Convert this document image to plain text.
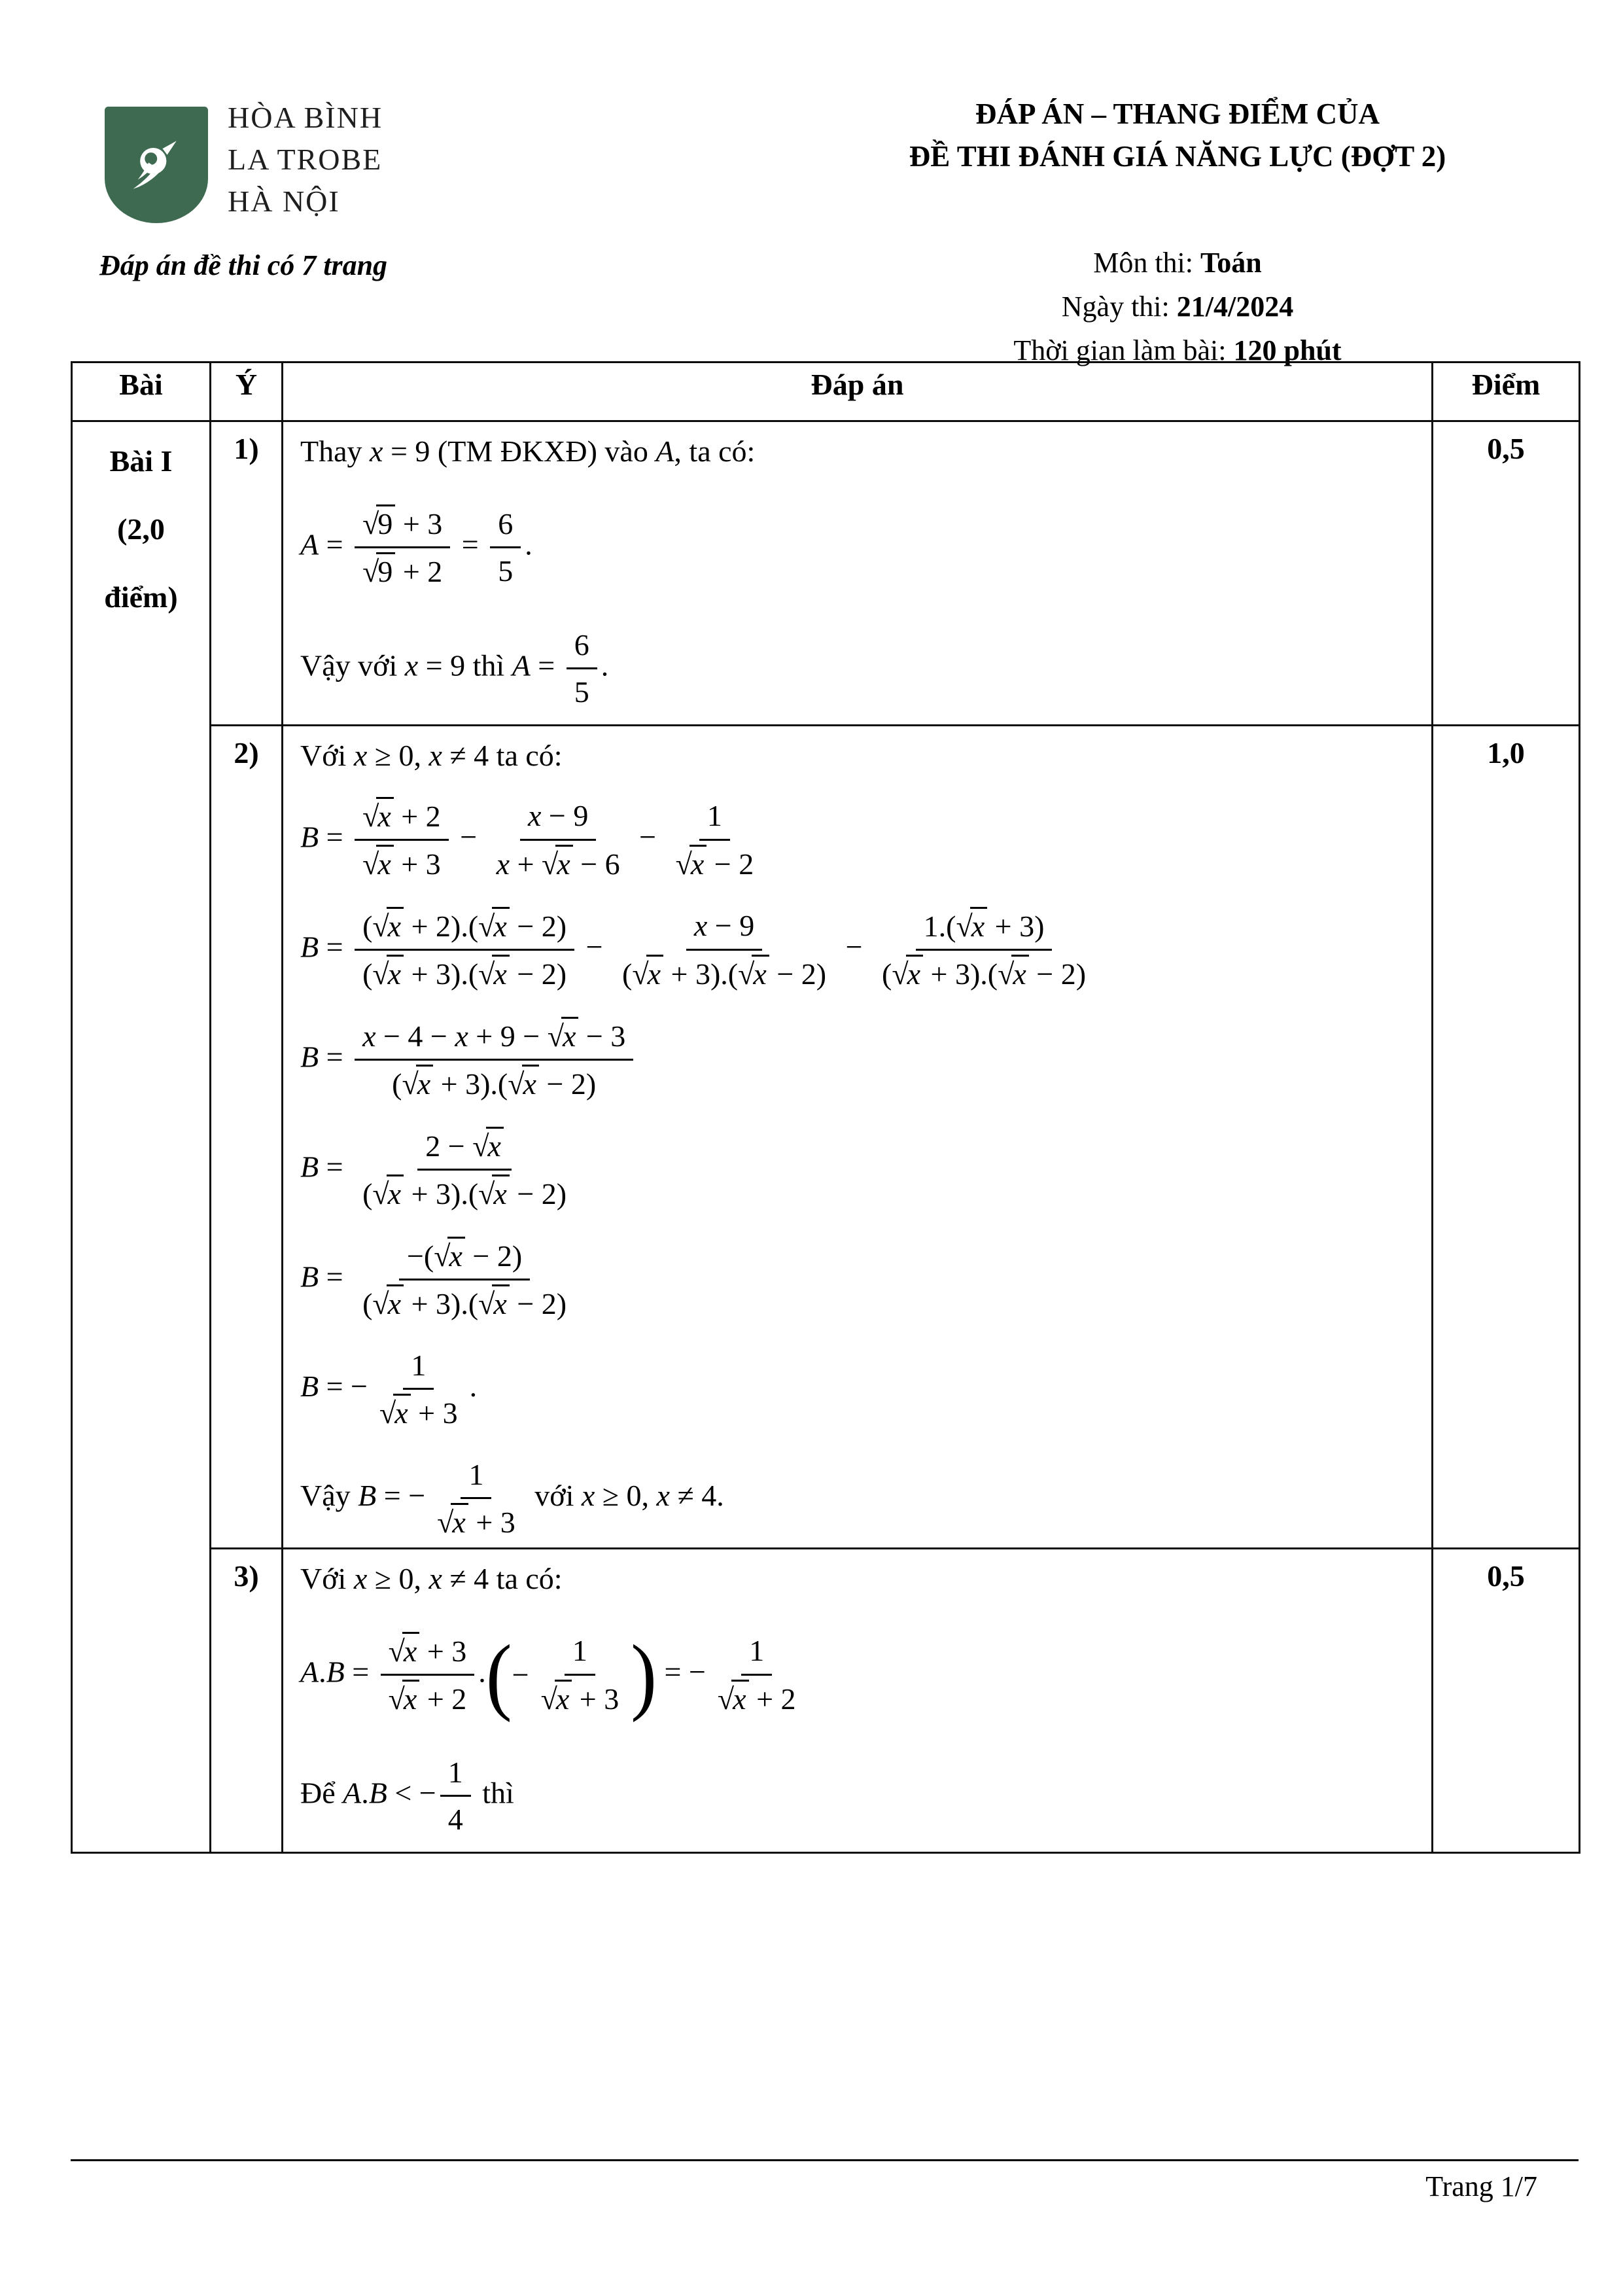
HÒA BÌNH
LA TROBE
HÀ NỘI
Đáp án đề thi có 7 trang
ĐÁP ÁN – THANG ĐIỂM CỦA
ĐỀ THI ĐÁNH GIÁ NĂNG LỰC (ĐỢT 2)
Môn thi: Toán
Ngày thi: 21/4/2024
Thời gian làm bài: 120 phút
Bài	Ý	Đáp án	Điểm

Bài I
(2,0
điểm)
	1)	Thay x = 9 (TM ĐKXĐ) vào A, ta có:
$A = \frac{√9 + 3}{√9 + 2} = \frac{6}{5}$ .
Vậy với x = 9 thì $A = \frac{6}{5}$ .
	0,5
2)	Với x ≥ 0, x ≠ 4 ta có:
$B = \frac{√x + 2}{√x + 3} - \frac{x - 9}{x + √x - 6} - \frac{1}{√x - 2}$
$B = \frac{(√x + 2).(√x - 2)}{(√x + 3).(√x - 2)} - \frac{x - 9}{(√x + 3).(√x - 2)} - \frac{1.(√x + 3)}{(√x + 3).(√x - 2)}$
$B = \frac{x - 4 - x + 9 - √x - 3}{(√x + 3).(√x - 2)}$
$B = \frac{2 - √x}{(√x + 3).(√x - 2)}$
$B = \frac{-(√x - 2)}{(√x + 3).(√x - 2)}$
B = − $\frac{1}{√x + 3}$ .
Vậy B = − $\frac{1}{√x + 3}$ với x ≥ 0, x ≠ 4.
	1,0
3)	Với x ≥ 0, x ≠ 4 ta có:
$A.B = \frac{√x + 3}{√x + 2}$ . ( − $\frac{1}{√x + 3}$ ) = − $\frac{1}{√x + 2}$
Để A.B < − $\frac{1}{4}$ thì
	0,5
Trang 1/7
